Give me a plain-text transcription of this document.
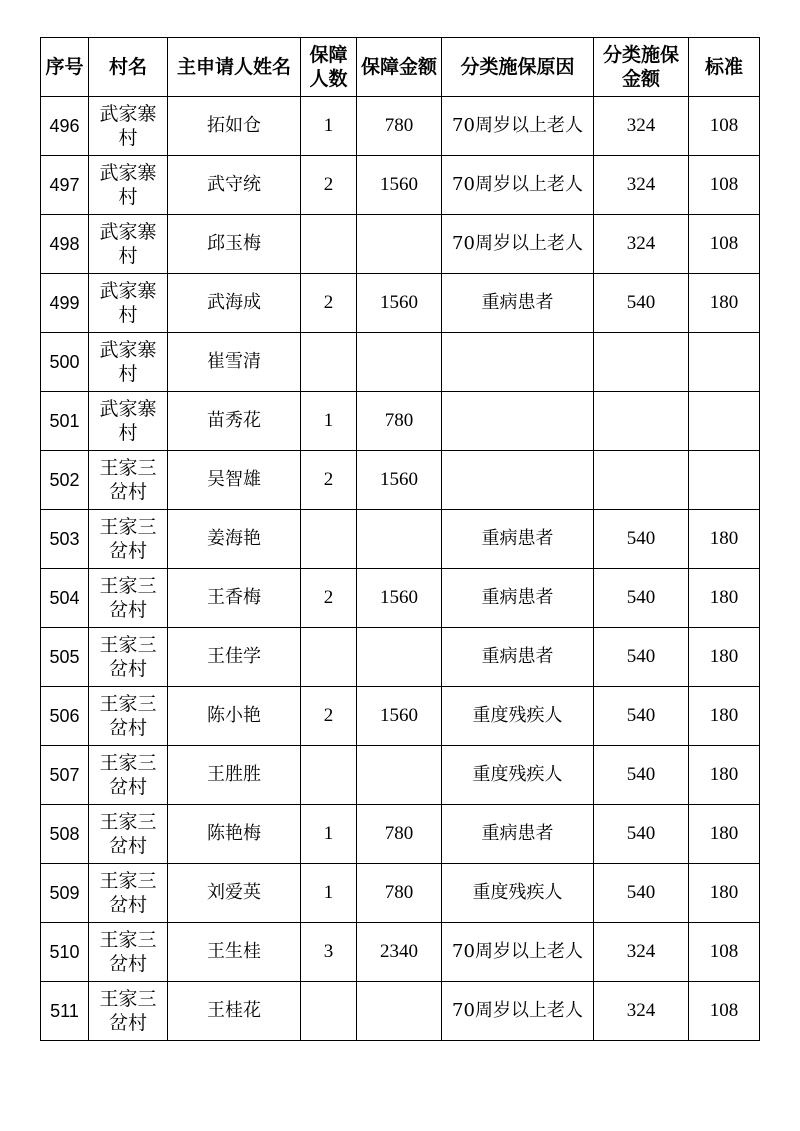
序号	村名	主申请人姓名	保障人数	保障金额	分类施保原因	分类施保金额	标准
496	武家寨村	拓如仓	1	780	70周岁以上老人	324	108
497	武家寨村	武守统	2	1560	70周岁以上老人	324	108
498	武家寨村	邱玉梅			70周岁以上老人	324	108
499	武家寨村	武海成	2	1560	重病患者	540	180
500	武家寨村	崔雪清					
501	武家寨村	苗秀花	1	780			
502	王家三岔村	吴智雄	2	1560			
503	王家三岔村	姜海艳			重病患者	540	180
504	王家三岔村	王香梅	2	1560	重病患者	540	180
505	王家三岔村	王佳学			重病患者	540	180
506	王家三岔村	陈小艳	2	1560	重度残疾人	540	180
507	王家三岔村	王胜胜			重度残疾人	540	180
508	王家三岔村	陈艳梅	1	780	重病患者	540	180
509	王家三岔村	刘爱英	1	780	重度残疾人	540	180
510	王家三岔村	王生桂	3	2340	70周岁以上老人	324	108
511	王家三岔村	王桂花			70周岁以上老人	324	108
